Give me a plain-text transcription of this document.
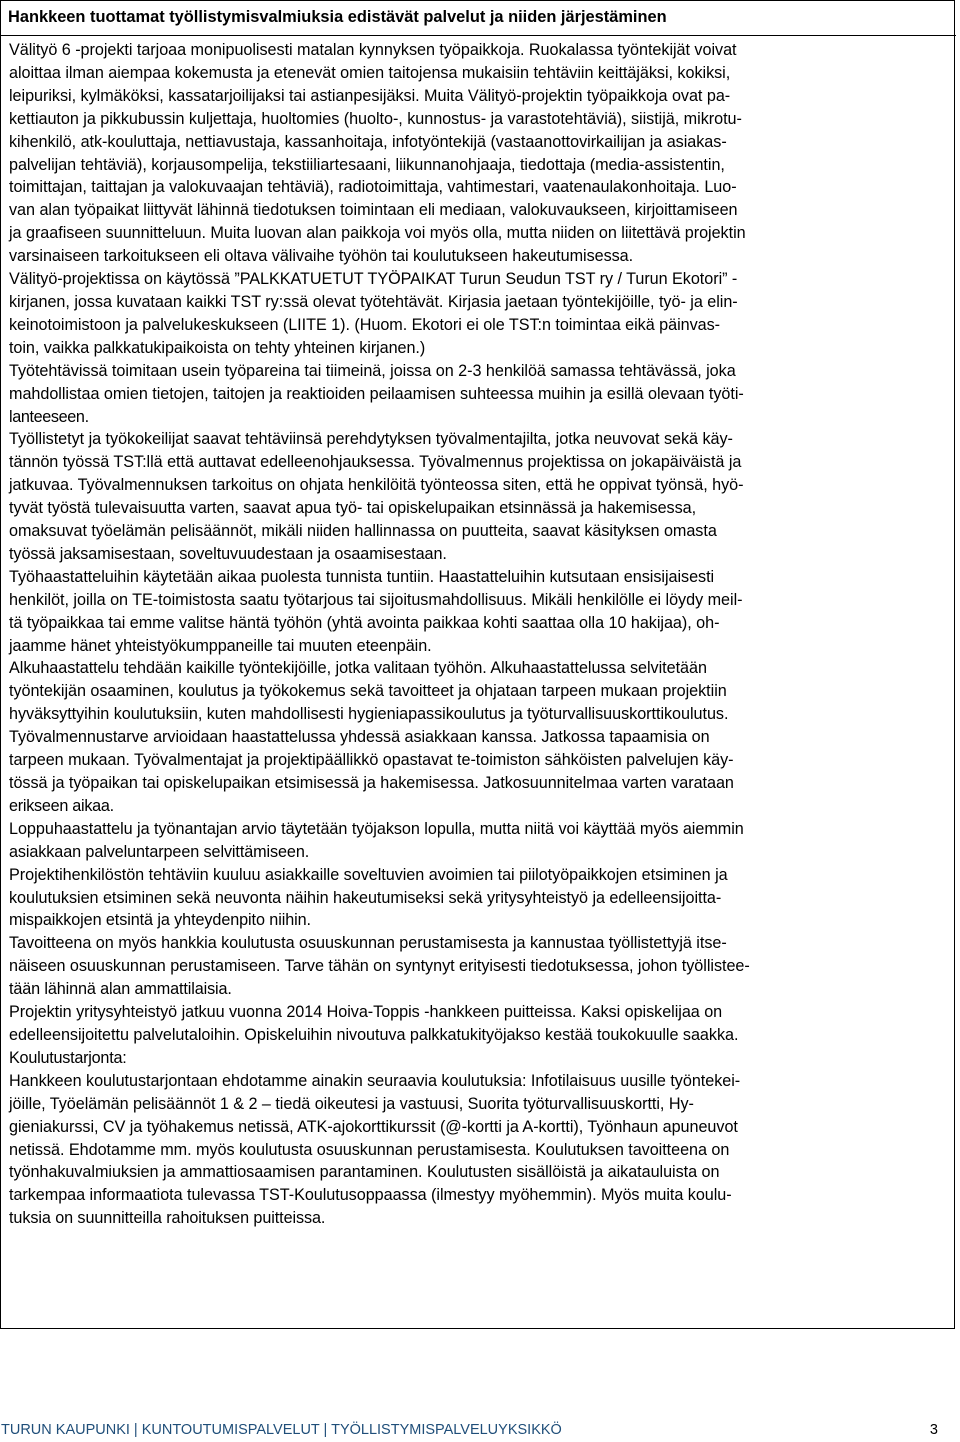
Hankkeen tuottamat työllistymisvalmiuksia edistävät palvelut ja niiden järjestäminen
Välityö 6 -projekti tarjoaa monipuolisesti matalan kynnyksen työpaikkoja. Ruokalassa työntekijät voivat
aloittaa ilman aiempaa kokemusta ja etenevät omien taitojensa mukaisiin tehtäviin keittäjäksi, kokiksi,
leipuriksi, kylmäköksi, kassatarjoilijaksi tai astianpesijäksi. Muita Välityö-projektin työpaikkoja ovat pa-
kettiauton ja pikkubussin kuljettaja, huoltomies (huolto-, kunnostus- ja varastotehtäviä), siistijä, mikrotu-
kihenkilö, atk-kouluttaja, nettiavustaja, kassanhoitaja, infotyöntekijä (vastaanottovirkailijan ja asiakas-
palvelijan tehtäviä), korjausompelija, tekstiiliartesaani, liikunnanohjaaja, tiedottaja (media-assistentin,
toimittajan, taittajan ja valokuvaajan tehtäviä), radiotoimittaja, vahtimestari, vaatenaulakonhoitaja. Luo-
van alan työpaikat liittyvät lähinnä tiedotuksen toimintaan eli mediaan, valokuvaukseen, kirjoittamiseen
ja graafiseen suunnitteluun. Muita luovan alan paikkoja voi myös olla, mutta niiden on liitettävä projektin
varsinaiseen tarkoitukseen eli oltava välivaihe työhön tai koulutukseen hakeutumisessa.
Välityö-projektissa on käytössä ”PALKKATUETUT TYÖPAIKAT Turun Seudun TST ry / Turun Ekotori” -
kirjanen, jossa kuvataan kaikki TST ry:ssä olevat työtehtävät. Kirjasia jaetaan työntekijöille, työ- ja elin-
keinotoimistoon ja palvelukeskukseen (LIITE 1). (Huom. Ekotori ei ole TST:n toimintaa eikä päinvas-
toin, vaikka palkkatukipaikoista on tehty yhteinen kirjanen.)
Työtehtävissä toimitaan usein työpareina tai tiimeinä, joissa on 2-3 henkilöä samassa tehtävässä, joka
mahdollistaa omien tietojen, taitojen ja reaktioiden peilaamisen suhteessa muihin ja esillä olevaan työti-
lanteeseen.
Työllistetyt ja työkokeilijat saavat tehtäviinsä perehdytyksen työvalmentajilta, jotka neuvovat sekä käy-
tännön työssä TST:llä että auttavat edelleenohjauksessa. Työvalmennus projektissa on jokapäiväistä ja
jatkuvaa. Työvalmennuksen tarkoitus on ohjata henkilöitä työnteossa siten, että he oppivat työnsä, hyö-
tyvät työstä tulevaisuutta varten, saavat apua työ- tai opiskelupaikan etsinnässä ja hakemisessa,
omaksuvat työelämän pelisäännöt, mikäli niiden hallinnassa on puutteita, saavat käsityksen omasta
työssä jaksamisestaan, soveltuvuudestaan ja osaamisestaan.
Työhaastatteluihin käytetään aikaa puolesta tunnista tuntiin. Haastatteluihin kutsutaan ensisijaisesti
henkilöt, joilla on TE-toimistosta saatu työtarjous tai sijoitusmahdollisuus. Mikäli henkilölle ei löydy meil-
tä työpaikkaa tai emme valitse häntä työhön (yhtä avointa paikkaa kohti saattaa olla 10 hakijaa), oh-
jaamme hänet yhteistyökumppaneille tai muuten eteenpäin.
Alkuhaastattelu tehdään kaikille työntekijöille, jotka valitaan työhön. Alkuhaastattelussa selvitetään
työntekijän osaaminen, koulutus ja työkokemus sekä tavoitteet ja ohjataan tarpeen mukaan projektiin
hyväksyttyihin koulutuksiin, kuten mahdollisesti hygieniapassikoulutus ja työturvallisuuskorttikoulutus.
Työvalmennustarve arvioidaan haastattelussa yhdessä asiakkaan kanssa. Jatkossa tapaamisia on
tarpeen mukaan. Työvalmentajat ja projektipäällikkö opastavat te-toimiston sähköisten palvelujen käy-
tössä ja työpaikan tai opiskelupaikan etsimisessä ja hakemisessa. Jatkosuunnitelmaa varten varataan
erikseen aikaa.
Loppuhaastattelu ja työnantajan arvio täytetään työjakson lopulla, mutta niitä voi käyttää myös aiemmin
asiakkaan palveluntarpeen selvittämiseen.
Projektihenkilöstön tehtäviin kuuluu asiakkaille soveltuvien avoimien tai piilotyöpaikkojen etsiminen ja
koulutuksien etsiminen sekä neuvonta näihin hakeutumiseksi sekä yritysyhteistyö ja edelleensijoitta-
mispaikkojen etsintä ja yhteydenpito niihin.
Tavoitteena on myös hankkia koulutusta osuuskunnan perustamisesta ja kannustaa työllistettyjä itse-
näiseen osuuskunnan perustamiseen. Tarve tähän on syntynyt erityisesti tiedotuksessa, johon työllistee-
tään lähinnä alan ammattilaisia.
Projektin yritysyhteistyö jatkuu vuonna 2014 Hoiva-Toppis -hankkeen puitteissa. Kaksi opiskelijaa on
edelleensijoitettu palvelutaloihin. Opiskeluihin nivoutuva palkkatukityöjakso kestää toukokuulle saakka.
Koulutustarjonta:
Hankkeen koulutustarjontaan ehdotamme ainakin seuraavia koulutuksia: Infotilaisuus uusille työntekei-
jöille, Työelämän pelisäännöt 1 & 2 – tiedä oikeutesi ja vastuusi, Suorita työturvallisuuskortti, Hy-
gieniakurssi, CV ja työhakemus netissä, ATK-ajokorttikurssit (@-kortti ja A-kortti), Työnhaun apuneuvot
netissä. Ehdotamme mm. myös koulutusta osuuskunnan perustamisesta. Koulutuksen tavoitteena on
työnhakuvalmiuksien ja ammattiosaamisen parantaminen. Koulutusten sisällöistä ja aikatauluista on
tarkempaa informaatiota tulevassa TST-Koulutusoppaassa (ilmestyy myöhemmin). Myös muita koulu-
tuksia on suunnitteilla rahoituksen puitteissa.
TURUN KAUPUNKI | KUNTOUTUMISPALVELUT | TYÖLLISTYMISPALVELUYKSIKKÖ	3
